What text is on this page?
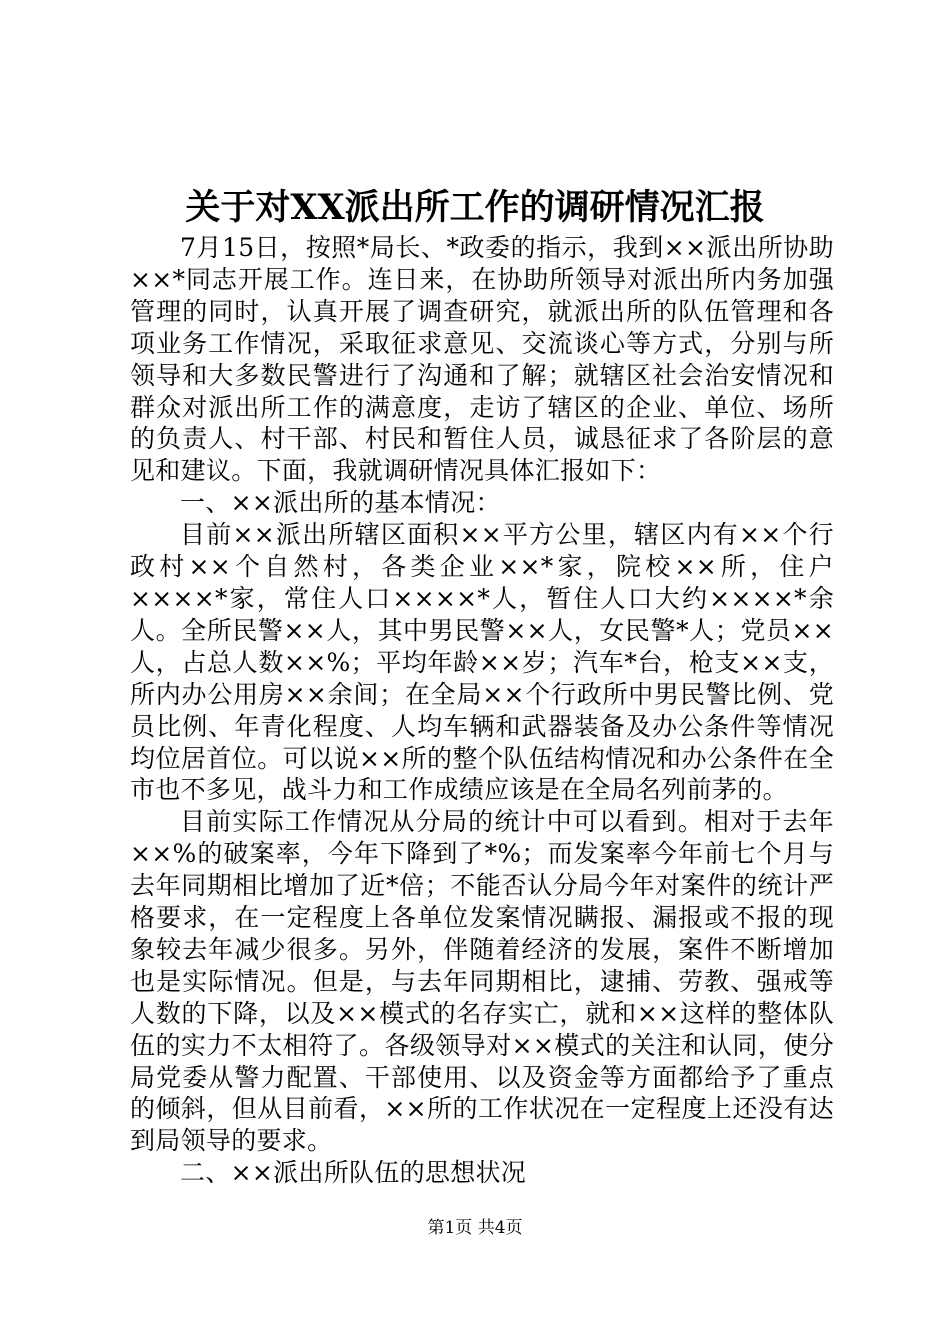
关于对XX派出所工作的调研情况汇报

7月15日，按照*局长、*政委的指示，我到××派出所协助××*同志开展工作。连日来，在协助所领导对派出所内务加强管理的同时，认真开展了调查研究，就派出所的队伍管理和各项业务工作情况，采取征求意见、交流谈心等方式，分别与所领导和大多数民警进行了沟通和了解；就辖区社会治安情况和群众对派出所工作的满意度，走访了辖区的企业、单位、场所的负责人、村干部、村民和暂住人员，诚恳征求了各阶层的意见和建议。下面，我就调研情况具体汇报如下：

一、××派出所的基本情况：

目前××派出所辖区面积××平方公里，辖区内有××个行政村××个自然村，各类企业××*家，院校××所，住户××××*家，常住人口××××*人，暂住人口大约××××*余人。全所民警××人，其中男民警××人，女民警*人；党员××人，占总人数××%；平均年龄××岁；汽车*台，枪支××支，所内办公用房××余间；在全局××个行政所中男民警比例、党员比例、年青化程度、人均车辆和武器装备及办公条件等情况均位居首位。可以说××所的整个队伍结构情况和办公条件在全市也不多见，战斗力和工作成绩应该是在全局名列前茅的。

目前实际工作情况从分局的统计中可以看到。相对于去年××%的破案率，今年下降到了*%；而发案率今年前七个月与去年同期相比增加了近*倍；不能否认分局今年对案件的统计严格要求，在一定程度上各单位发案情况瞒报、漏报或不报的现象较去年减少很多。另外，伴随着经济的发展，案件不断增加也是实际情况。但是，与去年同期相比，逮捕、劳教、强戒等人数的下降，以及××模式的名存实亡，就和××这样的整体队伍的实力不太相符了。各级领导对××模式的关注和认同，使分局党委从警力配置、干部使用、以及资金等方面都给予了重点的倾斜，但从目前看，××所的工作状况在一定程度上还没有达到局领导的要求。

二、××派出所队伍的思想状况

第1页 共4页
